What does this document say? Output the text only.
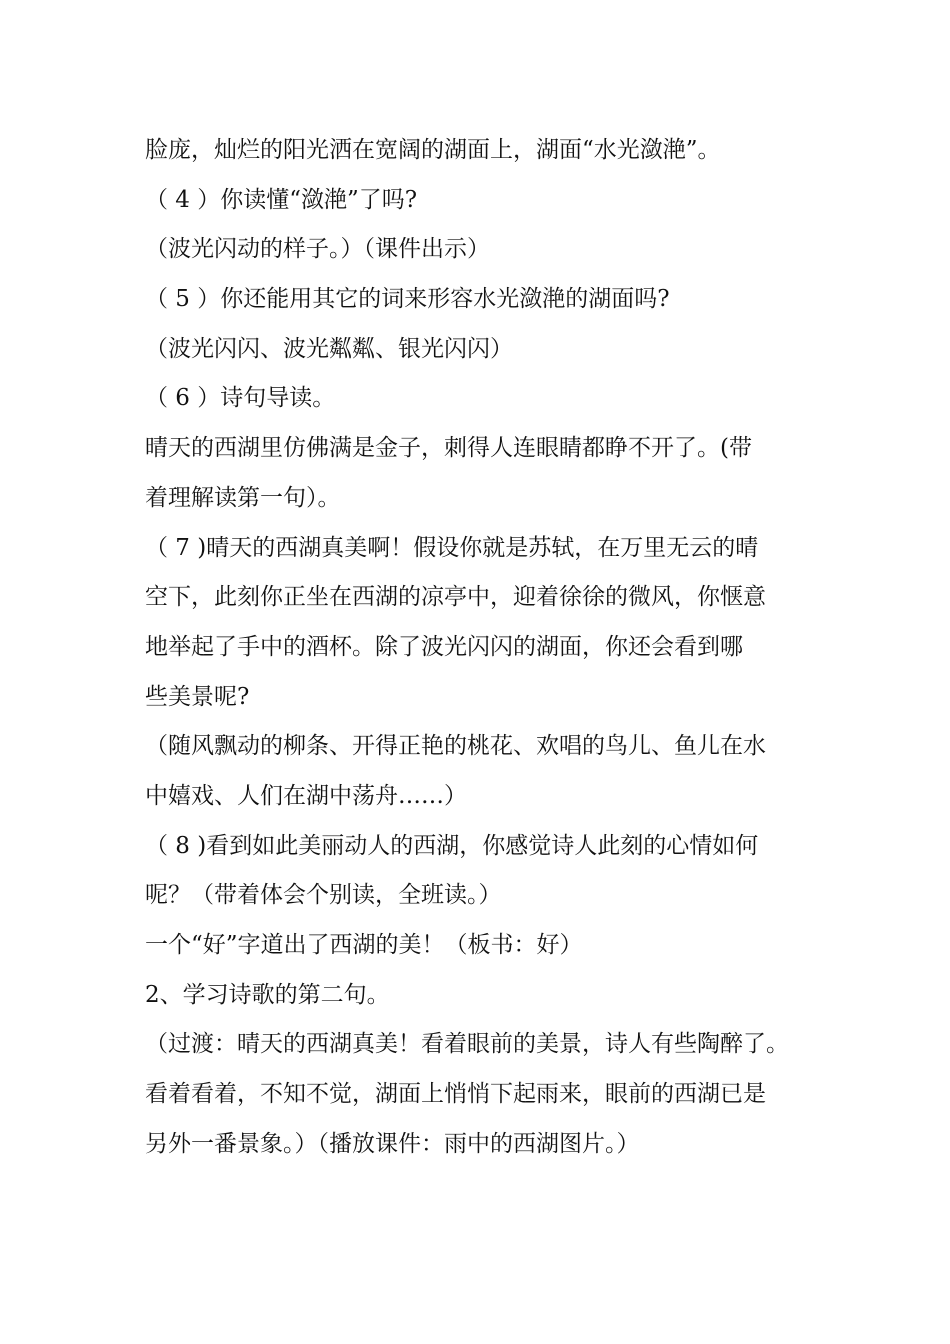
脸庞，灿烂的阳光洒在宽阔的湖面上，湖面“水光潋滟”。
（ 4 ）你读懂“潋滟”了吗?
（波光闪动的样子。）（课件出示）
（ 5 ）你还能用其它的词来形容水光潋滟的湖面吗?
（波光闪闪、波光粼粼、银光闪闪）
（ 6 ）诗句导读。
晴天的西湖里仿佛满是金子，刺得人连眼睛都睁不开了。(带
着理解读第一句）。
（ 7 )晴天的西湖真美啊！假设你就是苏轼，在万里无云的晴
空下，此刻你正坐在西湖的凉亭中，迎着徐徐的微风，你惬意
地举起了手中的酒杯。除了波光闪闪的湖面，你还会看到哪
些美景呢?
（随风飘动的柳条、开得正艳的桃花、欢唱的鸟儿、鱼儿在水
中嬉戏、人们在湖中荡舟……）
（ 8 )看到如此美丽动人的西湖，你感觉诗人此刻的心情如何
呢？（带着体会个别读，全班读。）
一个“好”字道出了西湖的美！（板书：好）
2、学习诗歌的第二句。
（过渡：晴天的西湖真美！看着眼前的美景，诗人有些陶醉了。
看着看着，不知不觉，湖面上悄悄下起雨来，眼前的西湖已是
另外一番景象。）（播放课件：雨中的西湖图片。）
